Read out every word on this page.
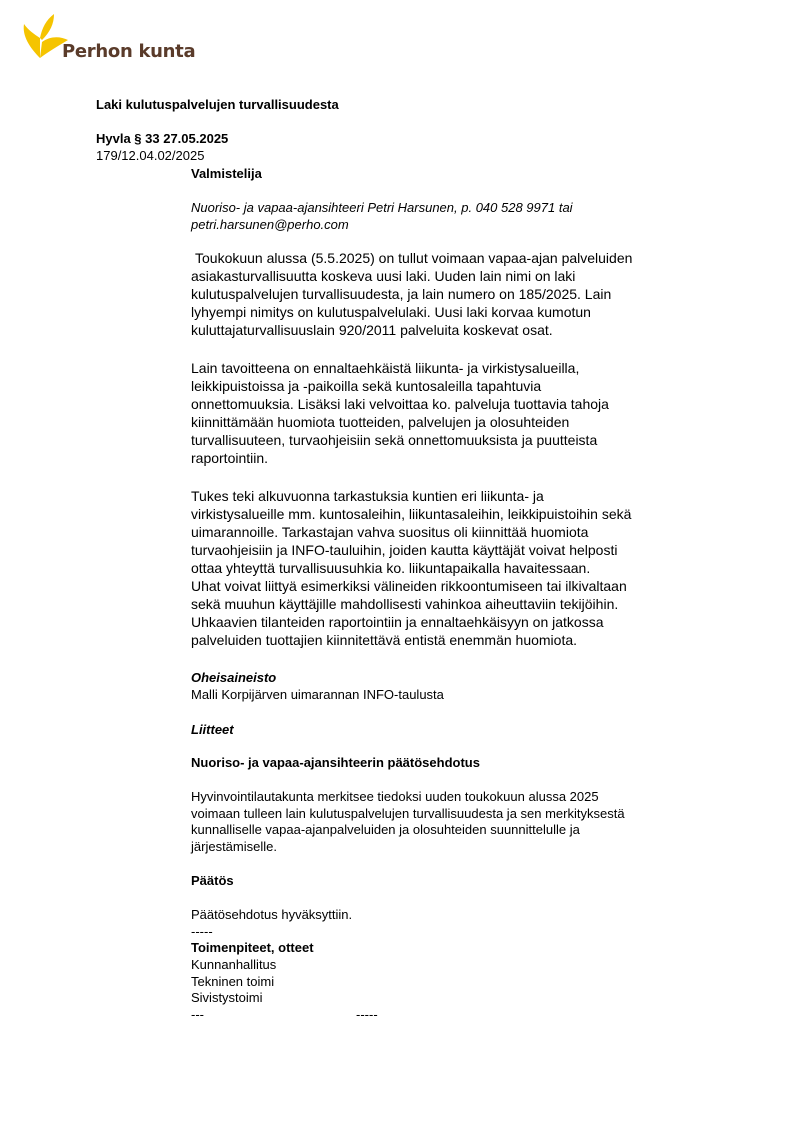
Perhon kunta
Laki kulutuspalvelujen turvallisuudesta
Hyvla § 33 27.05.2025
179/12.04.02/2025

Valmistelija

Nuoriso- ja vapaa-ajansihteeri Petri Harsunen, p. 040 528 9971 tai

petri.harsunen@perho.com

Toukokuun alussa (5.5.2025) on tullut voimaan vapaa-ajan palveluiden

asiakasturvallisuutta koskeva uusi laki. Uuden lain nimi on laki

kulutuspalvelujen turvallisuudesta, ja lain numero on 185/2025. Lain

lyhyempi nimitys on kulutuspalvelulaki. Uusi laki korvaa kumotun

kuluttajaturvallisuuslain 920/2011 palveluita koskevat osat.

Lain tavoitteena on ennaltaehkäistä liikunta- ja virkistysalueilla,

leikkipuistoissa ja -paikoilla sekä kuntosaleilla tapahtuvia

onnettomuuksia. Lisäksi laki velvoittaa ko. palveluja tuottavia tahoja

kiinnittämään huomiota tuotteiden, palvelujen ja olosuhteiden

turvallisuuteen, turvaohjeisiin sekä onnettomuuksista ja puutteista

raportointiin.

Tukes teki alkuvuonna tarkastuksia kuntien eri liikunta- ja

virkistysalueille mm. kuntosaleihin, liikuntasaleihin, leikkipuistoihin sekä

uimarannoille. Tarkastajan vahva suositus oli kiinnittää huomiota

turvaohjeisiin ja INFO-tauluihin, joiden kautta käyttäjät voivat helposti

ottaa yhteyttä turvallisuusuhkia ko. liikuntapaikalla havaitessaan.

Uhat voivat liittyä esimerkiksi välineiden rikkoontumiseen tai ilkivaltaan

sekä muuhun käyttäjille mahdollisesti vahinkoa aiheuttaviin tekijöihin.

Uhkaavien tilanteiden raportointiin ja ennaltaehkäisyyn on jatkossa

palveluiden tuottajien kiinnitettävä entistä enemmän huomiota.

Oheisaineisto

Malli Korpijärven uimarannan INFO-taulusta

Liitteet

Nuoriso- ja vapaa-ajansihteerin päätösehdotus

Hyvinvointilautakunta merkitsee tiedoksi uuden toukokuun alussa 2025

voimaan tulleen lain kulutuspalvelujen turvallisuudesta ja sen merkityksestä

kunnalliselle vapaa-ajanpalveluiden ja olosuhteiden suunnittelulle ja

järjestämiselle.

Päätös

Päätösehdotus hyväksyttiin.

-----

Toimenpiteet, otteet

Kunnanhallitus

Tekninen toimi

Sivistystoimi

---	-----
